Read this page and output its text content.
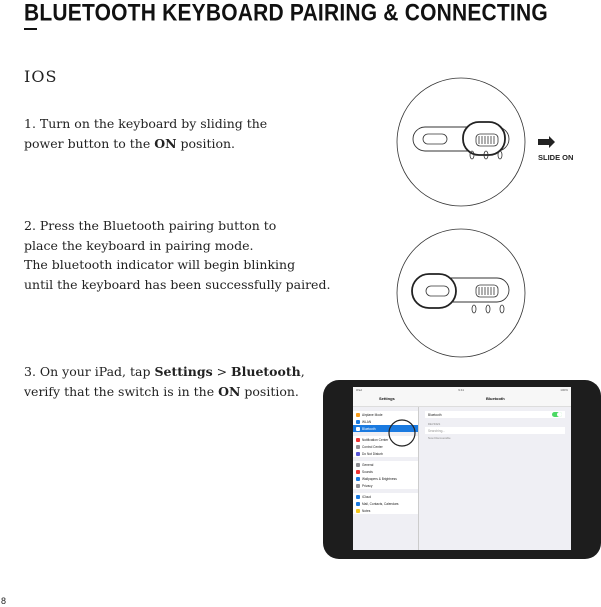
BLUETOOTH KEYBOARD PAIRING & CONNECTING
IOS
1. Turn on the keyboard by sliding the
power button to the ON position.
2. Press the Bluetooth pairing button to
place the keyboard in pairing mode.
The bluetooth indicator will begin blinking
until the keyboard has been successfully paired.
3. On your iPad, tap Settings > Bluetooth,
verify that the switch is in the ON position.
SLIDE ON
iPad	9:41	100%
Settings	Bluetooth
Airplane Mode
WLAN
Bluetooth
Notification Center
Control Center
Do Not Disturb
General
Sounds
Wallpapers & Brightness
Privacy
iCloud
Mail, Contacts, Calendars
Notes
Bluetooth
DEVICES
Searching...
Now Discoverable
8
